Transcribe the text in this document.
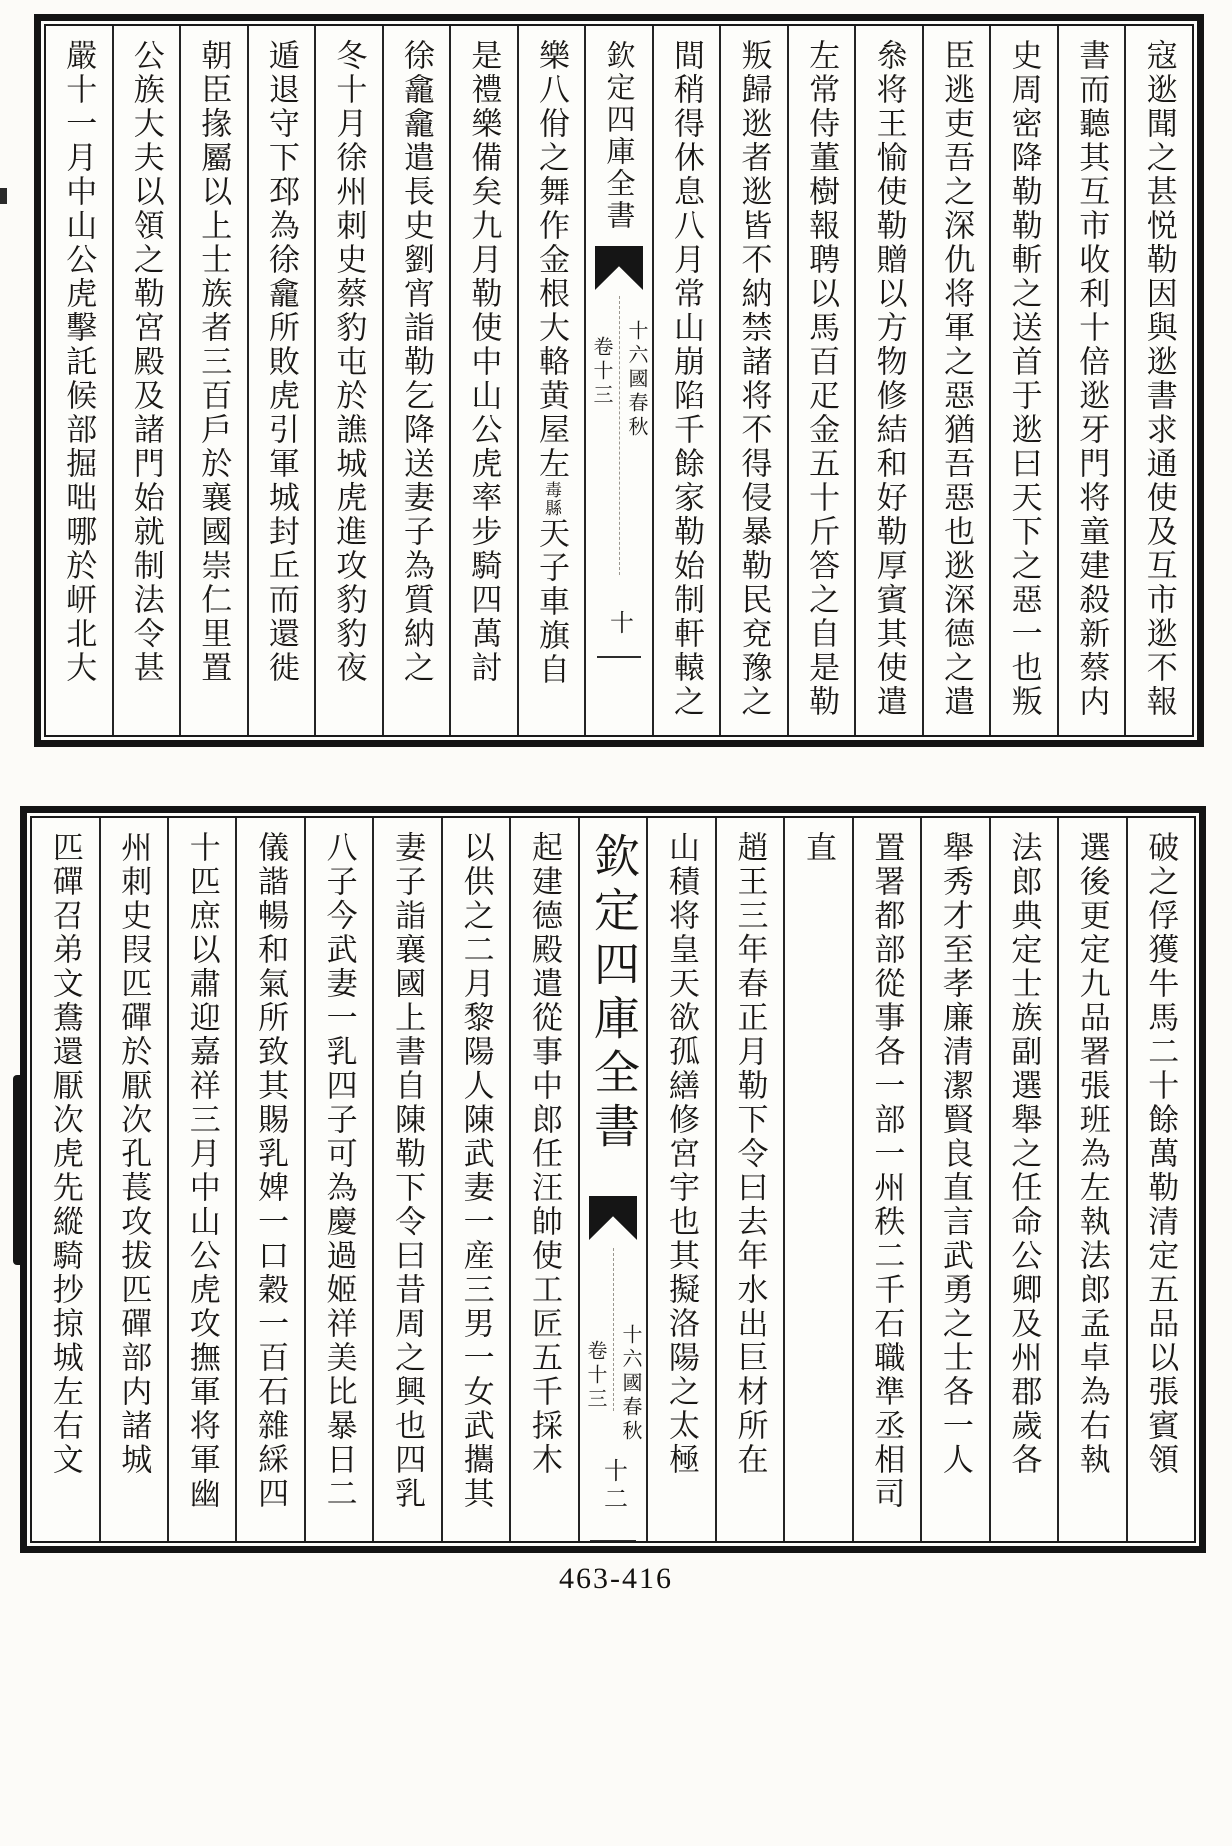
寇逖聞之甚悦勒因與逖書求通使及互市逖不報
書而聽其互市收利十倍逖牙門将童建殺新蔡内
史周密降勒勒斬之送首于逖曰天下之惡一也叛
臣逃吏吾之深仇将軍之惡猶吾惡也逖深德之遣
叅将王愉使勒贈以方物修結和好勒厚賓其使遣
左常侍董樹報聘以馬百疋金五十斤答之自是勒
叛歸逖者逖皆不納禁諸将不得侵暴勒民兗豫之
間稍得休息八月常山崩陷千餘家勒始制軒轅之
欽定四庫全書
十六國春秋
卷十三
十
樂八佾之舞作金根大輅黄屋左毒縣天子車旗自
是禮樂備矣九月勒使中山公虎率步騎四萬討
徐龕龕遣長史劉宵詣勒乞降送妻子為質納之
冬十月徐州刺史蔡豹屯於譙城虎進攻豹豹夜
遁退守下邳為徐龕所敗虎引軍城封丘而還徙
朝臣掾屬以上士族者三百戶於襄國崇仁里置
公族大夫以領之勒宮殿及諸門始就制法令甚
嚴十一月中山公虎擊託候部掘咄哪於岍北大
破之俘獲牛馬二十餘萬勒清定五品以張賓領
選後更定九品署張班為左執法郎孟卓為右執
法郎典定士族副選舉之任命公卿及州郡歲各
舉秀才至孝廉清潔賢良直言武勇之士各一人
置署都部從事各一部一州秩二千石職準丞相司
直
趙王三年春正月勒下令曰去年水出巨材所在
山積将皇天欲孤繕修宮宇也其擬洛陽之太極
欽定四庫全書
十六國春秋
卷十三
十二
起建德殿遣從事中郎任汪帥使工匠五千採木
以供之二月黎陽人陳武妻一産三男一女武攜其
妻子詣襄國上書自陳勒下令曰昔周之興也四乳
八子今武妻一乳四子可為慶過姬祥美比暴日二
儀諧暢和氣所致其賜乳婢一口穀一百石雜綵四
十匹庶以肅迎嘉祥三月中山公虎攻撫軍将軍幽
州刺史叚匹磾於厭次孔萇攻拔匹磾部内諸城
匹磾召弟文鴦還厭次虎先縱騎抄掠城左右文
463-416
